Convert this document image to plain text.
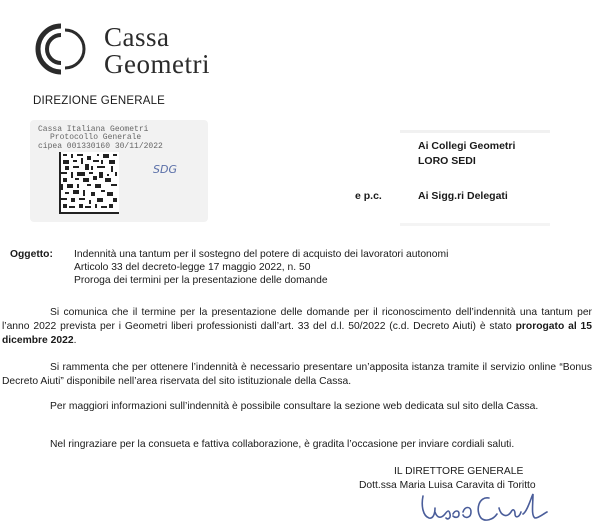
Cassa
Geometri
DIREZIONE GENERALE
Cassa Italiana Geometri
Protocollo Generale
cipea 001330160 30/11/2022
SDG
Ai Collegi Geometri
LORO SEDI
e p.c.	Ai Sigg.ri Delegati
Oggetto: Indennità una tantum per il sostegno del potere di acquisto dei lavoratori autonomi
Articolo 33 del decreto-legge 17 maggio 2022, n. 50
Proroga dei termini per la presentazione delle domande
Si comunica che il termine per la presentazione delle domande per il riconoscimento dell’indennità una tantum per l’anno 2022 prevista per i Geometri liberi professionisti dall’art. 33 del d.l. 50/2022 (c.d. Decreto Aiuti) è stato prorogato al 15 dicembre 2022.
Si rammenta che per ottenere l’indennità è necessario presentare un’apposita istanza tramite il servizio online “Bonus Decreto Aiuti” disponibile nell’area riservata del sito istituzionale della Cassa.
Per maggiori informazioni sull’indennità è possibile consultare la sezione web dedicata sul sito della Cassa.
Nel ringraziare per la consueta e fattiva collaborazione, è gradita l’occasione per inviare cordiali saluti.
IL DIRETTORE GENERALE
Dott.ssa Maria Luisa Caravita di Toritto
